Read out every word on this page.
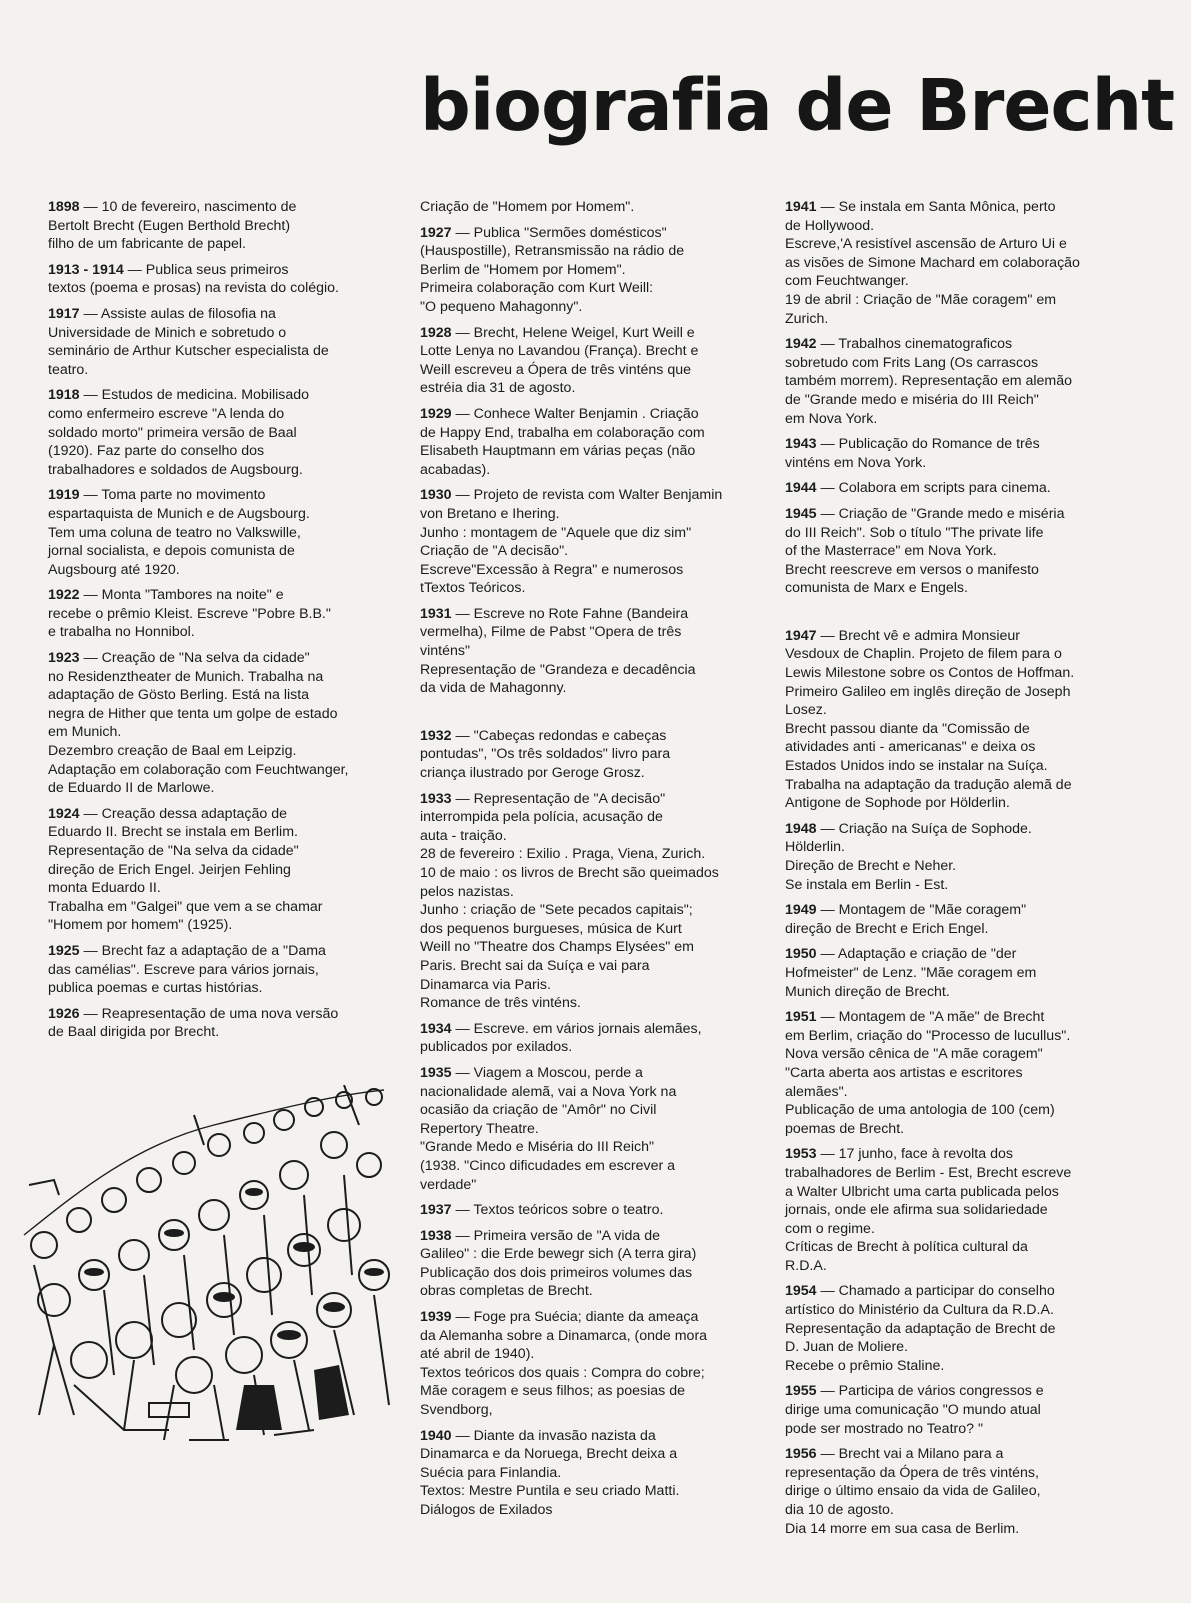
biografia de Brecht
1898 — 10 de fevereiro, nascimento de
Bertolt Brecht (Eugen Berthold Brecht)
filho de um fabricante de papel.
1913 - 1914 — Publica seus primeiros
textos (poema e prosas) na revista do colégio.
1917 — Assiste aulas de filosofia na
Universidade de Minich e sobretudo o
seminário de Arthur Kutscher especialista de
teatro.
1918 — Estudos de medicina. Mobilisado
como enfermeiro escreve "A lenda do
soldado morto" primeira versão de Baal
(1920). Faz parte do conselho dos
trabalhadores e soldados de Augsbourg.
1919 — Toma parte no movimento
espartaquista de Munich e de Augsbourg.
Tem uma coluna de teatro no Valkswille,
jornal socialista, e depois comunista de
Augsbourg até 1920.
1922 — Monta "Tambores na noite" e
recebe o prêmio Kleist. Escreve "Pobre B.B."
e trabalha no Honnibol.
1923 — Creação de "Na selva da cidade"
no Residenztheater de Munich. Trabalha na
adaptação de Gösto Berling. Está na lista
negra de Hither que tenta um golpe de estado
em Munich.
Dezembro creação de Baal em Leipzig.
Adaptação em colaboração com Feuchtwanger,
de Eduardo II de Marlowe.
1924 — Creação dessa adaptação de
Eduardo II. Brecht se instala em Berlim.
Representação de "Na selva da cidade"
direção de Erich Engel. Jeirjen Fehling
monta Eduardo II.
Trabalha em "Galgei" que vem a se chamar
"Homem por homem" (1925).
1925 — Brecht faz a adaptação de a "Dama
das camélias". Escreve para vários jornais,
publica poemas e curtas histórias.
1926 — Reapresentação de uma nova versão
de Baal dirigida por Brecht.
Criação de "Homem por Homem".
1927 — Publica "Sermões domésticos"
(Hauspostille), Retransmissão na rádio de
Berlim de "Homem por Homem".
Primeira colaboração com Kurt Weill:
"O pequeno Mahagonny".
1928 — Brecht, Helene Weigel, Kurt Weill e
Lotte Lenya no Lavandou (França). Brecht e
Weill escreveu a Ópera de três vinténs que
estréia dia 31 de agosto.
1929 — Conhece Walter Benjamin . Criação
de Happy End, trabalha em colaboração com
Elisabeth Hauptmann em várias peças (não
acabadas).
1930 — Projeto de revista com Walter Benjamin
von Bretano e Ihering.
Junho : montagem de "Aquele que diz sim"
Criação de "A decisão".
Escreve"Excessão à Regra" e numerosos
tTextos Teóricos.
1931 — Escreve no Rote Fahne (Bandeira
vermelha), Filme de Pabst "Opera de três
vinténs"
Representação de "Grandeza e decadência
da vida de Mahagonny.
1932 — "Cabeças redondas e cabeças
pontudas", "Os três soldados" livro para
criança ilustrado por Geroge Grosz.
1933 — Representação de "A decisão"
interrompida pela polícia, acusação de
auta - traição.
28 de fevereiro : Exilio . Praga, Viena, Zurich.
10 de maio : os livros de Brecht são queimados
pelos nazistas.
Junho : criação de "Sete pecados capitais";
dos pequenos burgueses, música de Kurt
Weill no "Theatre dos Champs Elysées" em
Paris. Brecht sai da Suíça e vai para
Dinamarca via Paris.
Romance de três vinténs.
1934 — Escreve. em vários jornais alemães,
publicados por exilados.
1935 — Viagem a Moscou, perde a
nacionalidade alemã, vai a Nova York na
ocasião da criação de "Amôr" no Civil
Repertory Theatre.
"Grande Medo e Miséria do III Reich"
(1938. "Cinco dificudades em escrever a
verdade"
1937 — Textos teóricos sobre o teatro.
1938 — Primeira versão de "A vida de
Galileo" : die Erde bewegr sich (A terra gira)
Publicação dos dois primeiros volumes das
obras completas de Brecht.
1939 — Foge pra Suécia; diante da ameaça
da Alemanha sobre a Dinamarca, (onde mora
até abril de 1940).
Textos teóricos dos quais : Compra do cobre;
Mãe coragem e seus filhos; as poesias de
Svendborg,
1940 — Diante da invasão nazista da
Dinamarca e da Noruega, Brecht deixa a
Suécia para Finlandia.
Textos: Mestre Puntila e seu criado Matti.
Diálogos de Exilados
1941 — Se instala em Santa Mônica, perto
de Hollywood.
Escreve,'A resistível ascensão de Arturo Ui e
as visões de Simone Machard em colaboração
com Feuchtwanger.
19 de abril : Criação de "Mãe coragem" em
Zurich.
1942 — Trabalhos cinematograficos
sobretudo com Frits Lang (Os carrascos
também morrem). Representação em alemão
de "Grande medo e miséria do III Reich"
em Nova York.
1943 — Publicação do Romance de três
vinténs em Nova York.
1944 — Colabora em scripts para cinema.
1945 — Criação de "Grande medo e miséria
do III Reich". Sob o título "The private life
of the Masterrace" em Nova York.
Brecht reescreve em versos o manifesto
comunista de Marx e Engels.
1947 — Brecht vê e admira Monsieur
Vesdoux de Chaplin. Projeto de filem para o
Lewis Milestone sobre os Contos de Hoffman.
Primeiro Galileo em inglês direção de Joseph
Losez.
Brecht passou diante da "Comissão de
atividades anti - americanas" e deixa os
Estados Unidos indo se instalar na Suíça.
Trabalha na adaptação da tradução alemã de
Antigone de Sophode por Hölderlin.
1948 — Criação na Suíça de Sophode.
Hölderlin.
Direção de Brecht e Neher.
Se instala em Berlin - Est.
1949 — Montagem de "Mãe coragem"
direção de Brecht e Erich Engel.
1950 — Adaptação e criação de "der
Hofmeister" de Lenz. "Mãe coragem em
Munich direção de Brecht.
1951 — Montagem de "A mãe" de Brecht
em Berlim, criação do "Processo de lucullus".
Nova versão cênica de "A mãe coragem"
"Carta aberta aos artistas e escritores
alemães".
Publicação de uma antologia de 100 (cem)
poemas de Brecht.
1953 — 17 junho, face à revolta dos
trabalhadores de Berlim - Est, Brecht escreve
a Walter Ulbricht uma carta publicada pelos
jornais, onde ele afirma sua solidariedade
com o regime.
Críticas de Brecht à política cultural da
R.D.A.
1954 — Chamado a participar do conselho
artístico do Ministério da Cultura da R.D.A.
Representação da adaptação de Brecht de
D. Juan de Moliere.
Recebe o prêmio Staline.
1955 — Participa de vários congressos e
dirige uma comunicação "O mundo atual
pode ser mostrado no Teatro? "
1956 — Brecht vai a Milano para a
representação da Ópera de três vinténs,
dirige o último ensaio da vida de Galileo,
dia 10 de agosto.
Dia 14 morre em sua casa de Berlim.
